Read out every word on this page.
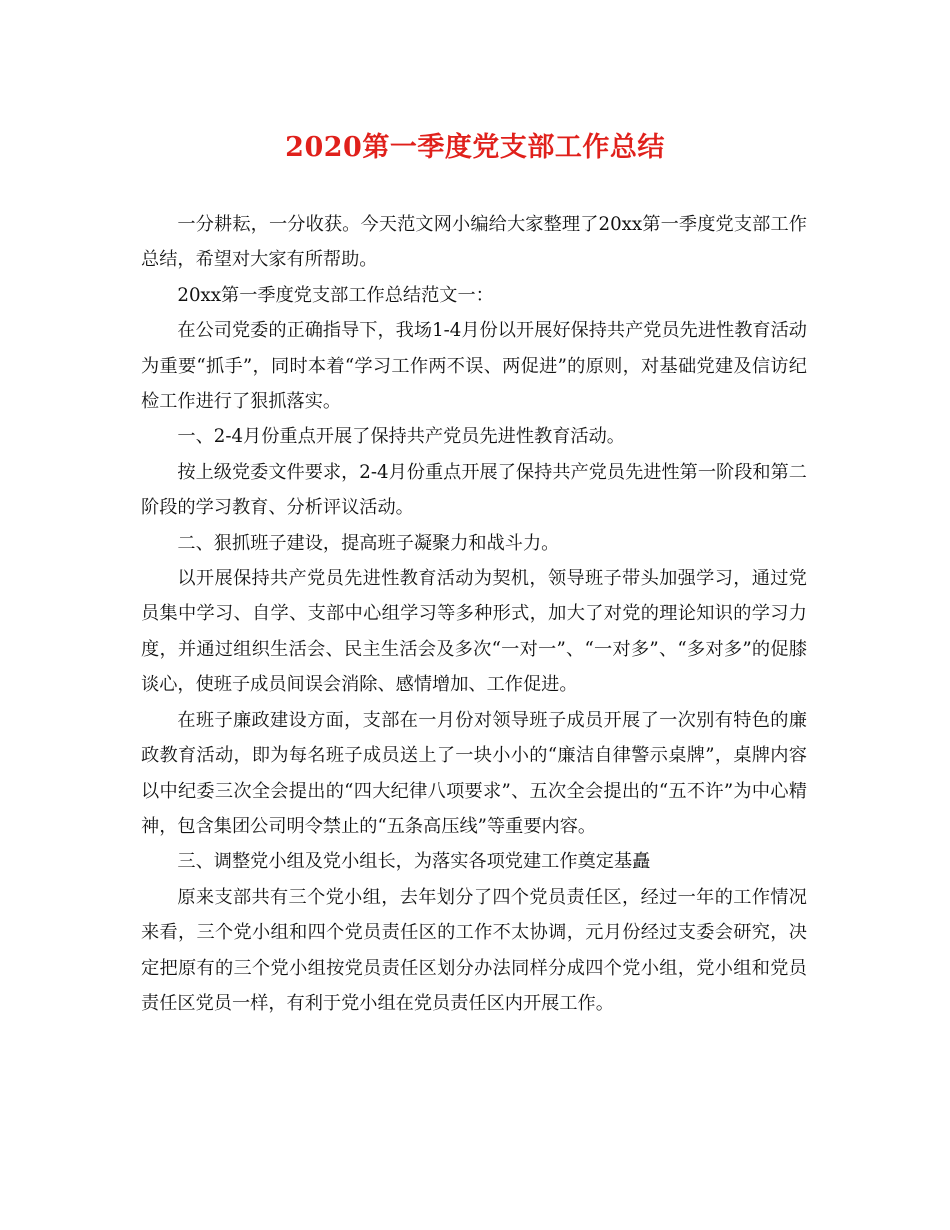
2020第一季度党支部工作总结

一分耕耘，一分收获。今天范文网小编给大家整理了20xx第一季度党支部工作总结，希望对大家有所帮助。

20xx第一季度党支部工作总结范文一：

在公司党委的正确指导下，我场1-4月份以开展好保持共产党员先进性教育活动为重要“抓手”，同时本着“学习工作两不误、两促进”的原则，对基础党建及信访纪检工作进行了狠抓落实。

一、2-4月份重点开展了保持共产党员先进性教育活动。

按上级党委文件要求，2-4月份重点开展了保持共产党员先进性第一阶段和第二阶段的学习教育、分析评议活动。

二、狠抓班子建设，提高班子凝聚力和战斗力。

以开展保持共产党员先进性教育活动为契机，领导班子带头加强学习，通过党员集中学习、自学、支部中心组学习等多种形式，加大了对党的理论知识的学习力度，并通过组织生活会、民主生活会及多次“一对一”、“一对多”、“多对多”的促膝谈心，使班子成员间误会消除、感情增加、工作促进。

在班子廉政建设方面，支部在一月份对领导班子成员开展了一次别有特色的廉政教育活动，即为每名班子成员送上了一块小小的“廉洁自律警示桌牌”，桌牌内容以中纪委三次全会提出的“四大纪律八项要求”、五次全会提出的“五不许”为中心精神，包含集团公司明令禁止的“五条高压线”等重要内容。

三、调整党小组及党小组长，为落实各项党建工作奠定基矗

原来支部共有三个党小组，去年划分了四个党员责任区，经过一年的工作情况来看，三个党小组和四个党员责任区的工作不太协调，元月份经过支委会研究，决定把原有的三个党小组按党员责任区划分办法同样分成四个党小组，党小组和党员责任区党员一样，有利于党小组在党员责任区内开展工作。
